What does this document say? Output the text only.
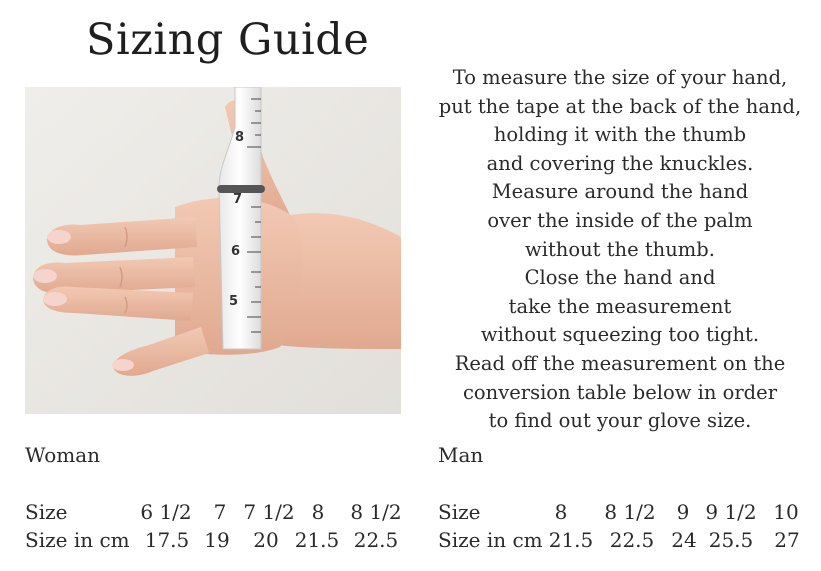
Sizing Guide
8
7
6
5
To measure the size of your hand,
put the tape at the back of the hand,
holding it with the thumb
and covering the knuckles.
Measure around the hand
over the inside of the palm
without the thumb.
Close the hand and
take the measurement
without squeezing too tight.
Read off the measurement on the
conversion table below in order
to find out your glove size.
Woman
Size	6 1/2 7 7 1/2 8 8 1/2
Size in cm 17.5 19 20 21.5 22.5
Man
Size	8 8 1/2 9 9 1/2 10
Size in cm 21.5 22.5 24 25.5 27
